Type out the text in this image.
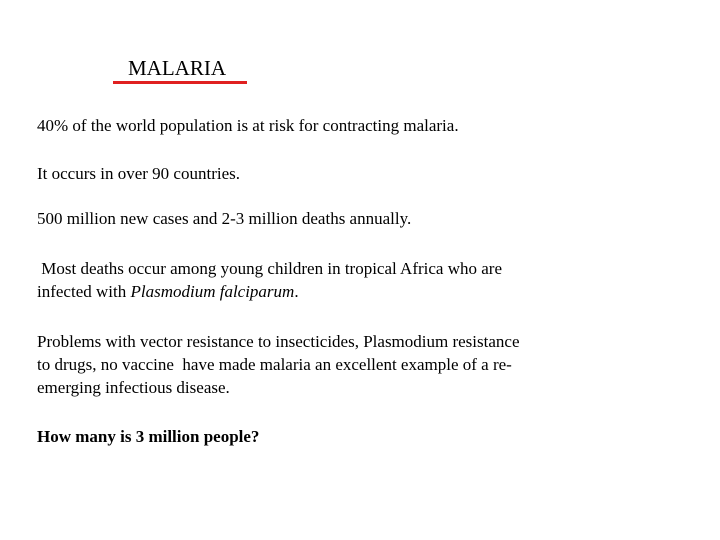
MALARIA
40% of the world population is at risk for contracting malaria.
It occurs in over 90 countries.
500 million new cases and 2-3 million deaths annually.
Most deaths occur among young children in tropical Africa who are
infected with Plasmodium falciparum.
Problems with vector resistance to insecticides, Plasmodium resistance
to drugs, no vaccine  have made malaria an excellent example of a re-
emerging infectious disease.
How many is 3 million people?
